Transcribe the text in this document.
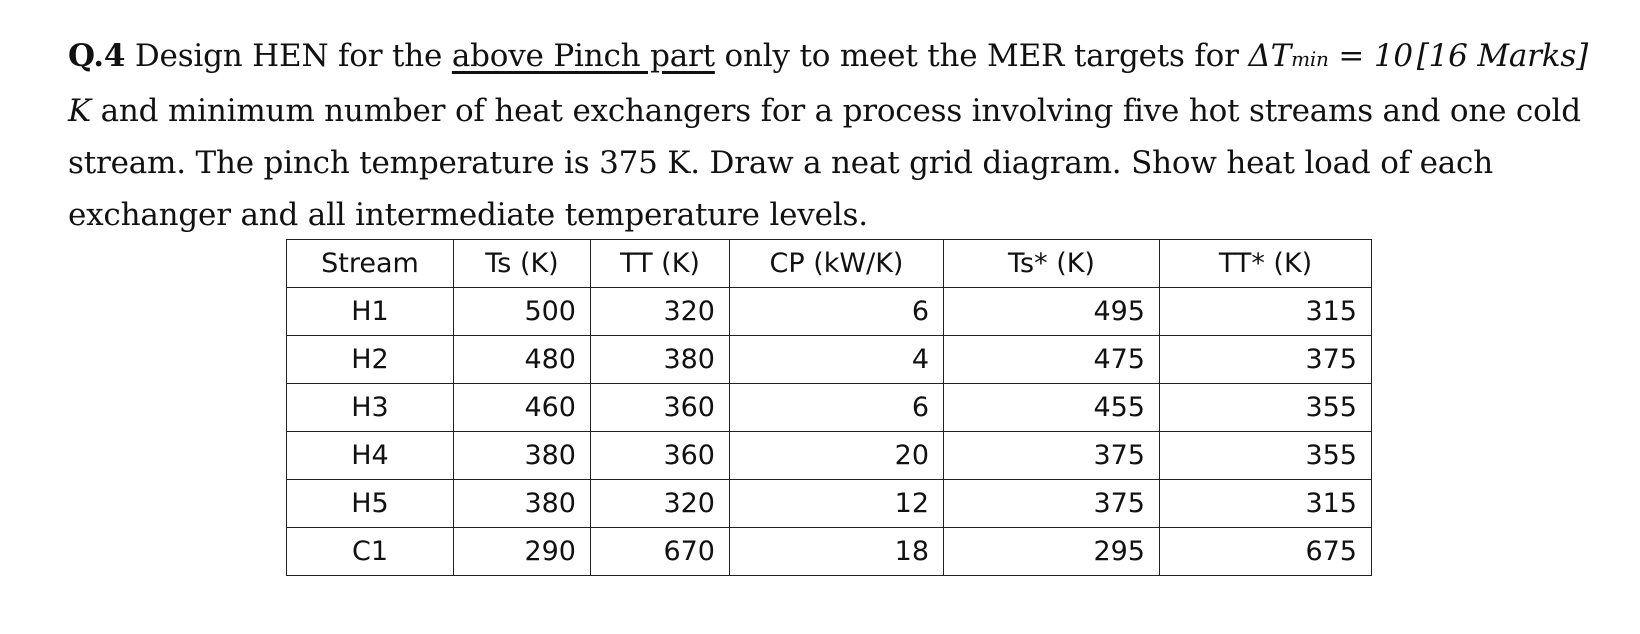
[16 Marks]
Q.4 Design HEN for the above Pinch part only to meet the MER targets for ΔTmin = 10 K and minimum number of heat exchangers for a process involving five hot streams and one cold stream. The pinch temperature is 375 K. Draw a neat grid diagram. Show heat load of each exchanger and all intermediate temperature levels.
Stream	Ts (K)	TT (K)	CP (kW/K)	Ts* (K)	TT* (K)
H1	500	320	6	495	315
H2	480	380	4	475	375
H3	460	360	6	455	355
H4	380	360	20	375	355
H5	380	320	12	375	315
C1	290	670	18	295	675
